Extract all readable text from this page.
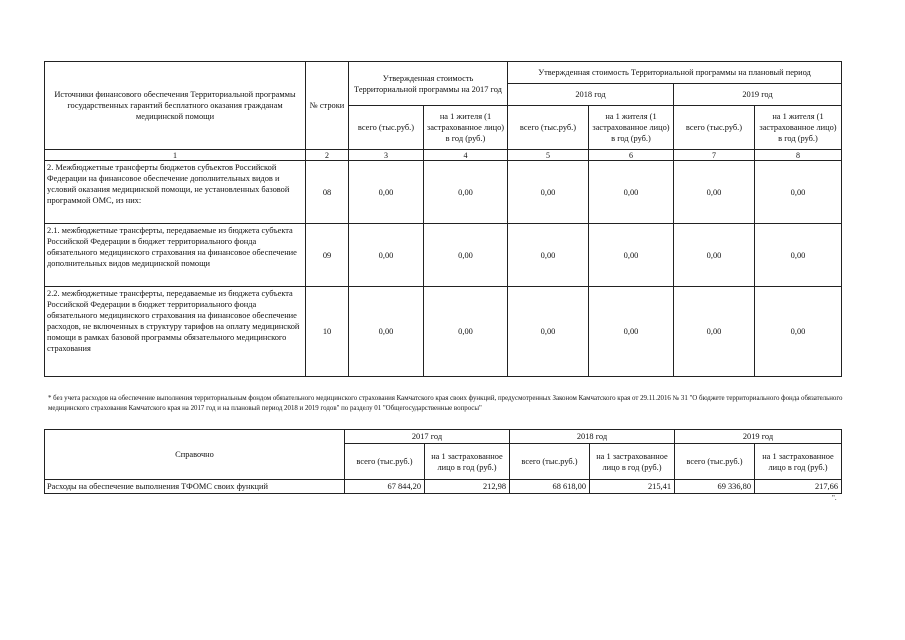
Источники финансового обеспечения Территориальной программы государственных гарантий бесплатного оказания гражданам медицинской помощи	№ строки	Утвержденная стоимость Территориальной программы на 2017 год		Утвержденная стоимость Территориальной программы на плановый период			
				2018 год		2019 год	
		всего (тыс.руб.)	на 1 жителя (1 застрахованное лицо) в год (руб.)	всего (тыс.руб.)	на 1 жителя (1 застрахованное лицо) в год (руб.)	всего (тыс.руб.)	на 1 жителя (1 застрахованное лицо) в год (руб.)
1	2	3	4	5	6	7	8
2. Межбюджетные трансферты бюджетов субъектов Российской Федерации на финансовое обеспечение дополнительных видов и условий оказания медицинской помощи, не установленных базовой программой ОМС, из них:	08	0,00	0,00	0,00	0,00	0,00	0,00
2.1. межбюджетные трансферты, передаваемые из бюджета субъекта Российской Федерации в бюджет территориального фонда обязательного медицинского страхования на финансовое обеспечение дополнительных видов медицинской помощи	09	0,00	0,00	0,00	0,00	0,00	0,00
2.2. межбюджетные трансферты, передаваемые из бюджета субъекта Российской Федерации в бюджет территориального фонда обязательного медицинского страхования на финансовое обеспечение расходов, не включенных в структуру тарифов на оплату медицинской помощи в рамках базовой программы обязательного медицинского страхования	10	0,00	0,00	0,00	0,00	0,00	0,00
* без учета расходов на обеспечение выполнения территориальным фондом обязательного медицинского страхования Камчатского края своих функций, предусмотренных Законом Камчатского края от 29.11.2016 № 31 "О бюджете территориального фонда обязательного медицинского страхования Камчатского края на 2017 год и на плановый период 2018 и 2019 годов" по разделу 01 "Общегосударственные вопросы"
Справочно	2017 год		2018 год		2019 год	
	всего (тыс.руб.)	на 1 застрахованное лицо в год (руб.)	всего (тыс.руб.)	на 1 застрахованное лицо в год (руб.)	всего (тыс.руб.)	на 1 застрахованное лицо в год (руб.)
Расходы на обеспечение выполнения ТФОМС своих функций	67 844,20	212,98	68 618,00	215,41	69 336,80	217,66
".
